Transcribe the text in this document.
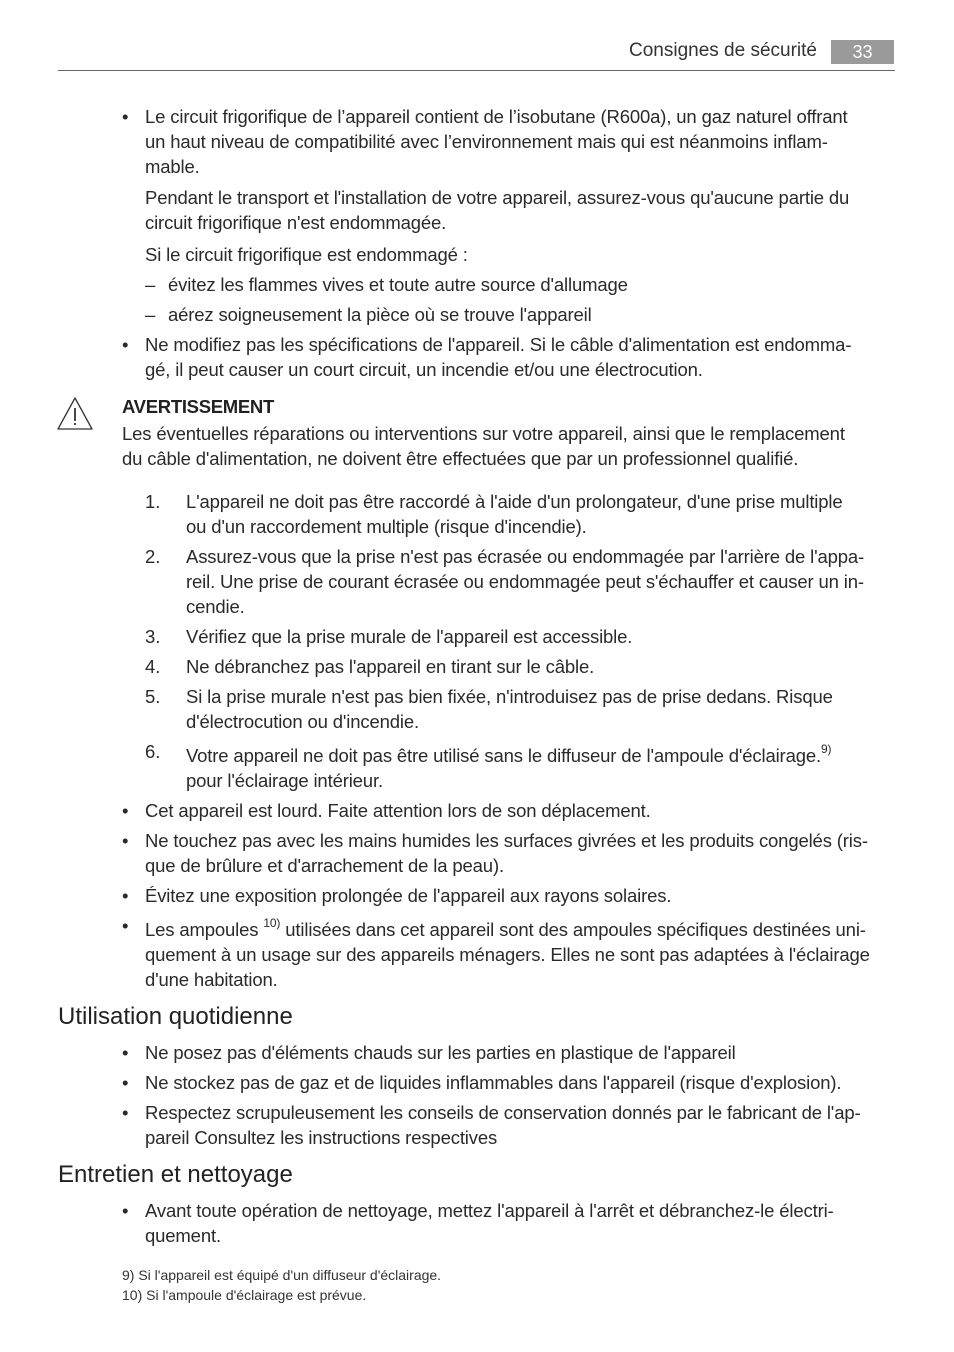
Consignes de sécurité	33
• Le circuit frigorifique de l’appareil contient de l’isobutane (R600a), un gaz naturel offrant
un haut niveau de compatibilité avec l’environnement mais qui est néanmoins inflam-
mable.
Pendant le transport et l'installation de votre appareil, assurez-vous qu'aucune partie du
circuit frigorifique n'est endommagée.
Si le circuit frigorifique est endommagé :
– évitez les flammes vives et toute autre source d'allumage
– aérez soigneusement la pièce où se trouve l'appareil
• Ne modifiez pas les spécifications de l'appareil. Si le câble d'alimentation est endomma-
gé, il peut causer un court circuit, un incendie et/ou une électrocution.
AVERTISSEMENT
Les éventuelles réparations ou interventions sur votre appareil, ainsi que le remplacement
du câble d'alimentation, ne doivent être effectuées que par un professionnel qualifié.
1. L'appareil ne doit pas être raccordé à l'aide d'un prolongateur, d'une prise multiple
ou d'un raccordement multiple (risque d'incendie).
2. Assurez-vous que la prise n'est pas écrasée ou endommagée par l'arrière de l'appa-
reil. Une prise de courant écrasée ou endommagée peut s'échauffer et causer un in-
cendie.
3. Vérifiez que la prise murale de l'appareil est accessible.
4. Ne débranchez pas l'appareil en tirant sur le câble.
5. Si la prise murale n'est pas bien fixée, n'introduisez pas de prise dedans. Risque
d'électrocution ou d'incendie.
6. Votre appareil ne doit pas être utilisé sans le diffuseur de l'ampoule d'éclairage.$^{9)}$
pour l'éclairage intérieur.
• Cet appareil est lourd. Faite attention lors de son déplacement.
• Ne touchez pas avec les mains humides les surfaces givrées et les produits congelés (ris-
que de brûlure et d'arrachement de la peau).
• Évitez une exposition prolongée de l'appareil aux rayons solaires.
• Les ampoules $^{10)}$ utilisées dans cet appareil sont des ampoules spécifiques destinées uni-
quement à un usage sur des appareils ménagers. Elles ne sont pas adaptées à l'éclairage
d'une habitation.
Utilisation quotidienne
• Ne posez pas d'éléments chauds sur les parties en plastique de l'appareil
• Ne stockez pas de gaz et de liquides inflammables dans l'appareil (risque d'explosion).
• Respectez scrupuleusement les conseils de conservation donnés par le fabricant de l'ap-
pareil Consultez les instructions respectives
Entretien et nettoyage
• Avant toute opération de nettoyage, mettez l'appareil à l'arrêt et débranchez-le électri-
quement.
9) Si l'appareil est équipé d'un diffuseur d'éclairage.
10) Si l'ampoule d'éclairage est prévue.
